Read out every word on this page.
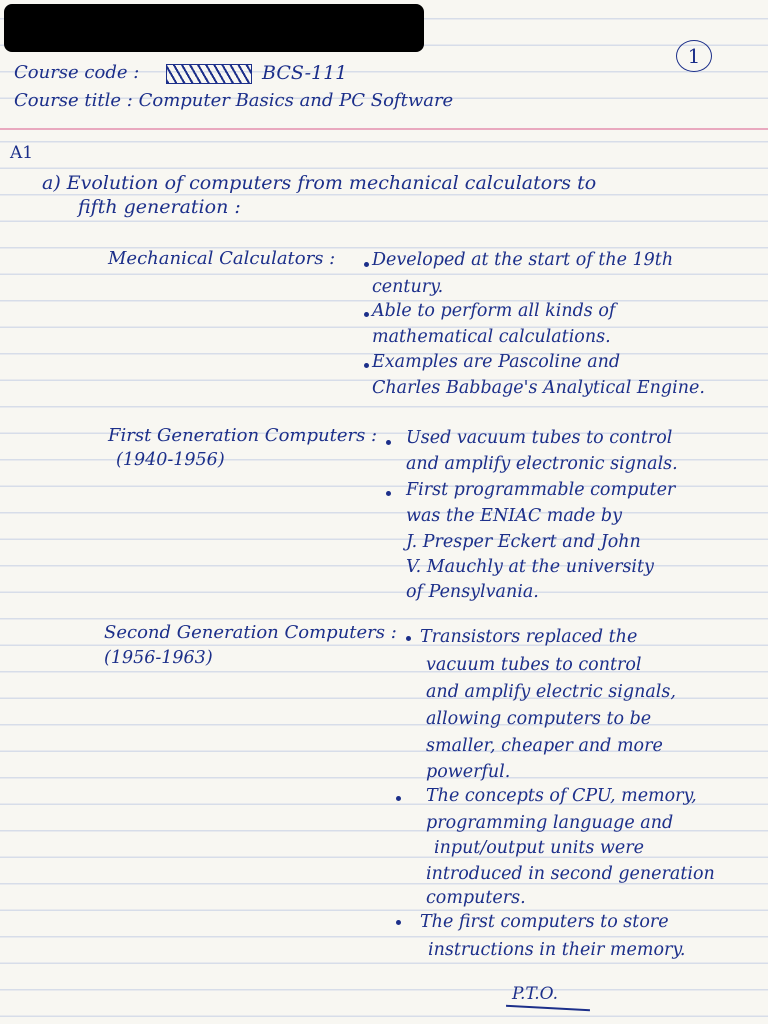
1
Course code :	BCS-111
Course title : Computer Basics and PC Software
A1
a) Evolution of computers from mechanical calculators to
fifth generation :
Mechanical Calculators : Developed at the start of the 19th
century.
Able to perform all kinds of
mathematical calculations.
Examples are Pascoline and
Charles Babbage's Analytical Engine.
First Generation Computers :
(1940-1956)
Used vacuum tubes to control
and amplify electronic signals.
First programmable computer
was the ENIAC made by
J. Presper Eckert and John
V. Mauchly at the university
of Pensylvania.
Second Generation Computers :
(1956-1963)
Transistors replaced the
vacuum tubes to control
and amplify electric signals,
allowing computers to be
smaller, cheaper and more
powerful.
The concepts of CPU, memory,
programming language and
input/output units were
introduced in second generation
computers.
The first computers to store
instructions in their memory.
P.T.O.
